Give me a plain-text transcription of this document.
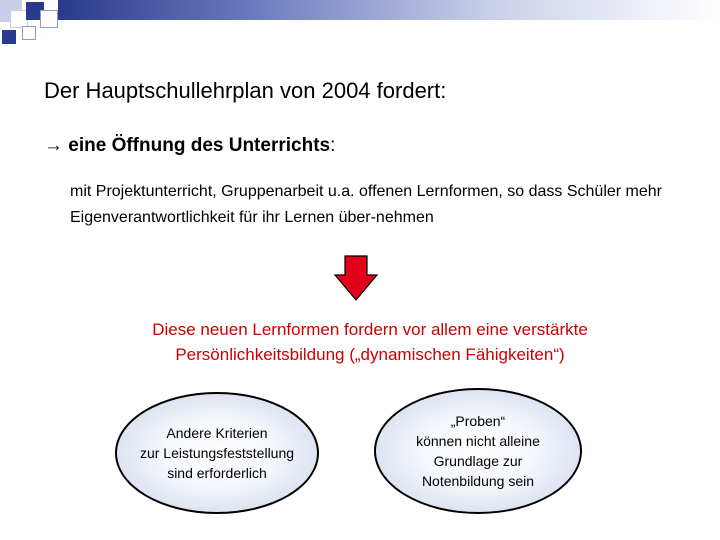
Der Hauptschullehrplan von 2004 fordert:
→ eine Öffnung des Unterrichts:
mit Projektunterricht, Gruppenarbeit u.a. offenen Lernformen, so dass Schüler mehr Eigenverantwortlichkeit für ihr Lernen über-nehmen
Diese neuen Lernformen fordern vor allem eine verstärkte
Persönlichkeitsbildung („dynamischen Fähigkeiten“)
Andere Kriterien
zur Leistungsfeststellung
sind erforderlich
„Proben“
können nicht alleine
Grundlage zur
Notenbildung sein
